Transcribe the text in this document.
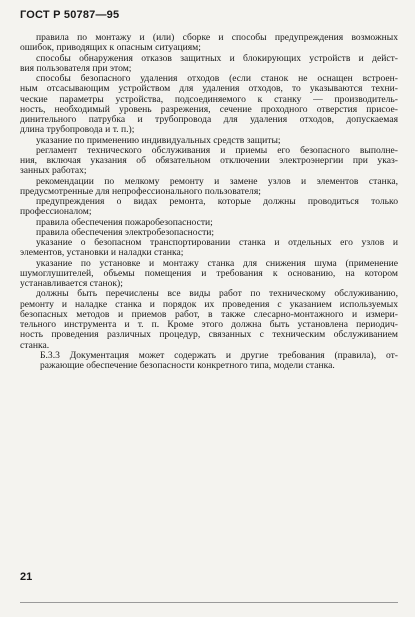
ГОСТ Р 50787—95
правила по монтажу и (или) сборке и способы предупреждения возможных
ошибок, приводящих к опасным ситуациям;
способы обнаружения отказов защитных и блокирующих устройств и дейст-
вия пользователя при этом;
способы безопасного удаления отходов (если станок не оснащен встроен-
ным отсасывающим устройством для удаления отходов, то указываются техни-
ческие параметры устройства, подсоединяемого к станку — производитель-
ность, необходимый уровень разрежения, сечение проходного отверстия присое-
динительного патрубка и трубопровода для удаления отходов, допускаемая
длина трубопровода и т. п.);
указание по применению индивидуальных средств защиты;
регламент технического обслуживания и приемы его безопасного выполне-
ния, включая указания об обязательном отключении электроэнергии при указ-
занных работах;
рекомендации по мелкому ремонту и замене узлов и элементов станка,
предусмотренные для непрофессионального пользователя;
предупреждения о видах ремонта, которые должны проводиться только
профессионалом;
правила обеспечения пожаробезопасности;
правила обеспечения электробезопасности;
указание о безопасном транспортировании станка и отдельных его узлов и
элементов, установки и наладки станка;
указание по установке и монтажу станка для снижения шума (применение
шумоглушителей, объемы помещения и требования к основанию, на котором
устанавливается станок);
должны быть перечислены все виды работ по техническому обслуживанию,
ремонту и наладке станка и порядок их проведения с указанием используемых
безопасных методов и приемов работ, в также слесарно-монтажного и измери-
тельного инструмента и т. п. Кроме этого должна быть установлена периодич-
ность проведения различных процедур, связанных с техническим обслуживанием
станка.
Б.3.3 Документация может содержать и другие требования (правила), от-
ражающие обеспечение безопасности конкретного типа, модели станка.
21
